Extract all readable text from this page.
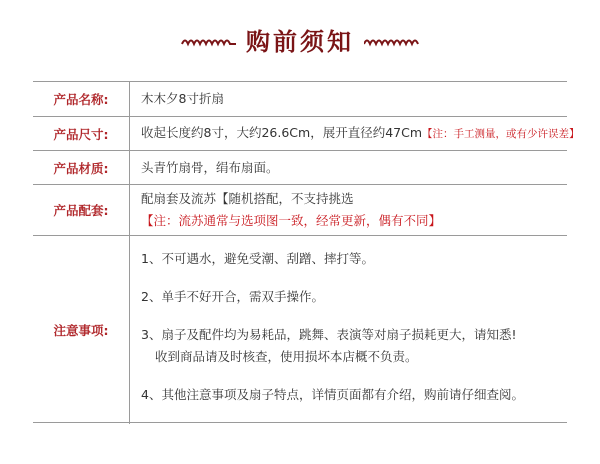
购前须知
产品名称:	木木夕8寸折扇
产品尺寸:	收起长度约8寸，大约26.6Cm，展开直径约47Cm【注：手工测量，或有少许误差】
产品材质:	头青竹扇骨，绢布扇面。
产品配套:
配扇套及流苏【随机搭配，不支持挑选
【注：流苏通常与选项图一致，经常更新，偶有不同】
注意事项:
1、不可遇水，避免受潮、刮蹭、摔打等。
2、单手不好开合，需双手操作。
3、扇子及配件均为易耗品，跳舞、表演等对扇子损耗更大，请知悉!
收到商品请及时核查，使用损坏本店概不负责。
4、其他注意事项及扇子特点，详情页面都有介绍，购前请仔细查阅。
